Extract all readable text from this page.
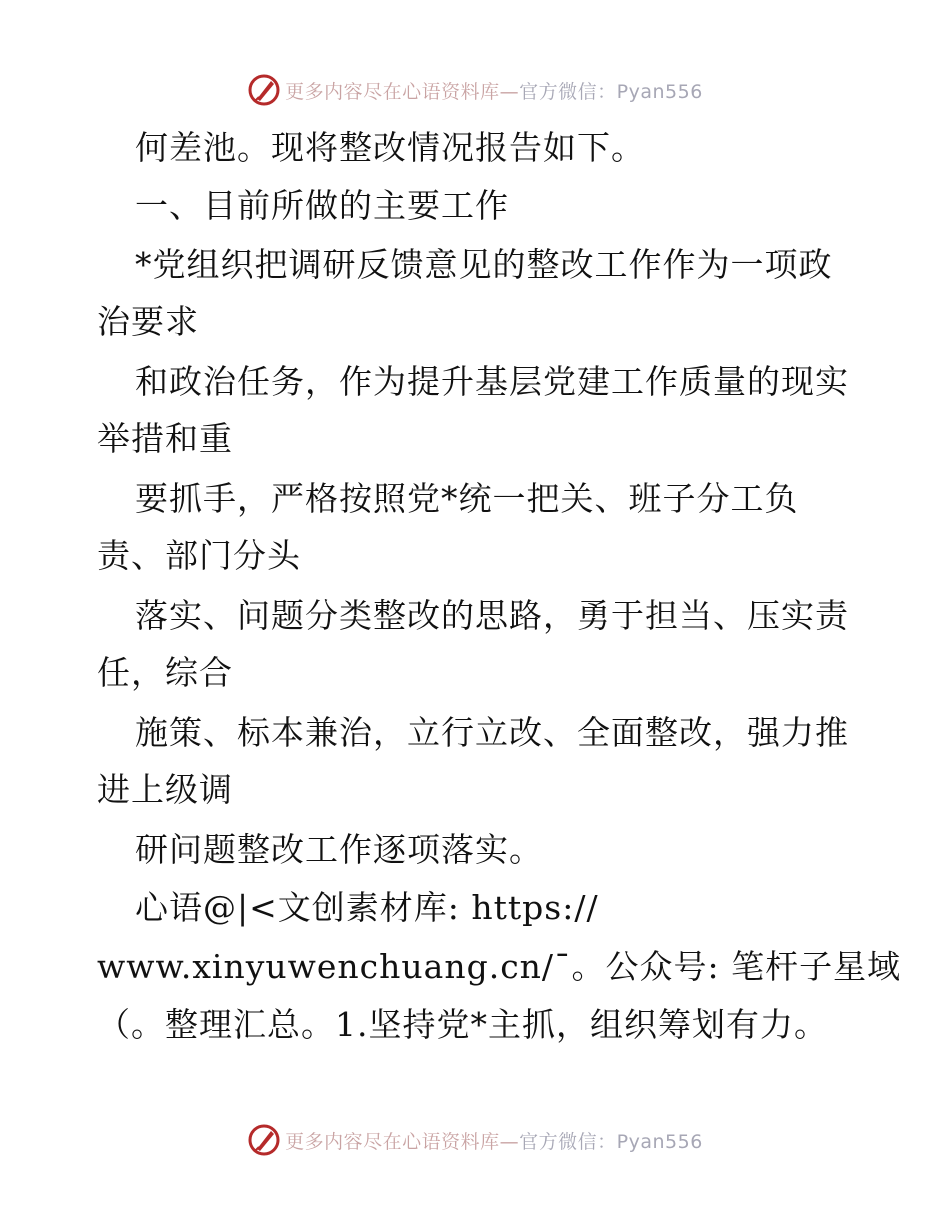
更多内容尽在心语资料库—官方微信：Pyan556
何差池。现将整改情况报告如下。
一、目前所做的主要工作
*党组织把调研反馈意见的整改工作作为一项政
治要求
和政治任务，作为提升基层党建工作质量的现实
举措和重
要抓手，严格按照党*统一把关、班子分工负
责、部门分头
落实、问题分类整改的思路，勇于担当、压实责
任，综合
施策、标本兼治，立行立改、全面整改，强力推
进上级调
研问题整改工作逐项落实。
心语@|<文创素材库: https://
www.xinyuwenchuang.cn/¯。公众号: 笔杆子星域
（。整理汇总。1.坚持党*主抓，组织筹划有力。
更多内容尽在心语资料库—官方微信：Pyan556
